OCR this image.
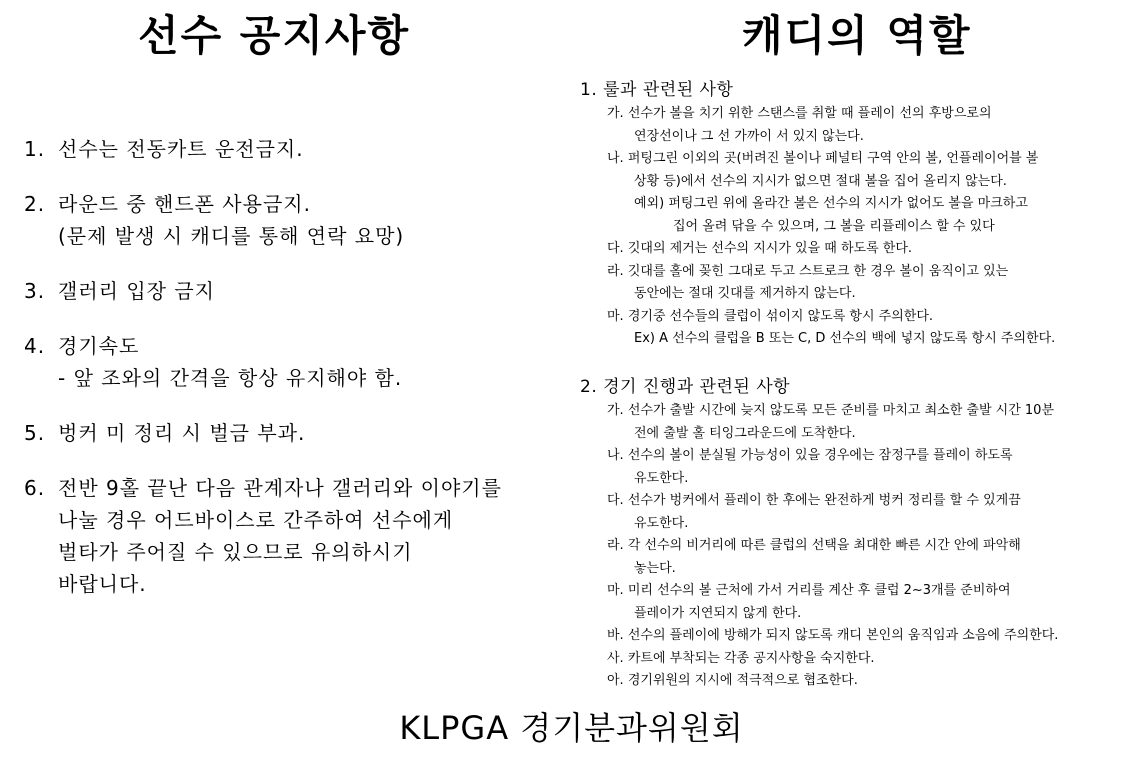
선수 공지사항
1. 선수는 전동카트 운전금지.
2. 라운드 중 핸드폰 사용금지.
(문제 발생 시 캐디를 통해 연락 요망)
3. 갤러리 입장 금지
4. 경기속도
- 앞 조와의 간격을 항상 유지해야 함.
5. 벙커 미 정리 시 벌금 부과.
6. 전반 9홀 끝난 다음 관계자나 갤러리와 이야기를
나눌 경우 어드바이스로 간주하여 선수에게
벌타가 주어질 수 있으므로 유의하시기
바랍니다.
캐디의 역할
1. 룰과 관련된 사항
가. 선수가 볼을 치기 위한 스탠스를 취할 때 플레이 선의 후방으로의
연장선이나 그 선 가까이 서 있지 않는다.
나. 퍼팅그린 이외의 곳(버려진 볼이나 페널티 구역 안의 볼, 언플레이어블 볼
상황 등)에서 선수의 지시가 없으면 절대 볼을 집어 올리지 않는다.
예외) 퍼팅그린 위에 올라간 볼은 선수의 지시가 없어도 볼을 마크하고
집어 올려 닦을 수 있으며, 그 볼을 리플레이스 할 수 있다
다. 깃대의 제거는 선수의 지시가 있을 때 하도록 한다.
라. 깃대를 홀에 꽂힌 그대로 두고 스트로크 한 경우 볼이 움직이고 있는
동안에는 절대 깃대를 제거하지 않는다.
마. 경기중 선수들의 클럽이 섞이지 않도록 항시 주의한다.
Ex) A 선수의 클럽을 B 또는 C, D 선수의 백에 넣지 않도록 항시 주의한다.
2. 경기 진행과 관련된 사항
가. 선수가 출발 시간에 늦지 않도록 모든 준비를 마치고 최소한 출발 시간 10분
전에 출발 홀 티잉그라운드에 도착한다.
나. 선수의 볼이 분실될 가능성이 있을 경우에는 잠정구를 플레이 하도록
유도한다.
다. 선수가 벙커에서 플레이 한 후에는 완전하게 벙커 정리를 할 수 있게끔
유도한다.
라. 각 선수의 비거리에 따른 클럽의 선택을 최대한 빠른 시간 안에 파악해
놓는다.
마. 미리 선수의 볼 근처에 가서 거리를 계산 후 클럽 2~3개를 준비하여
플레이가 지연되지 않게 한다.
바. 선수의 플레이에 방해가 되지 않도록 캐디 본인의 움직임과 소음에 주의한다.
사. 카트에 부착되는 각종 공지사항을 숙지한다.
아. 경기위원의 지시에 적극적으로 협조한다.
KLPGA 경기분과위원회
